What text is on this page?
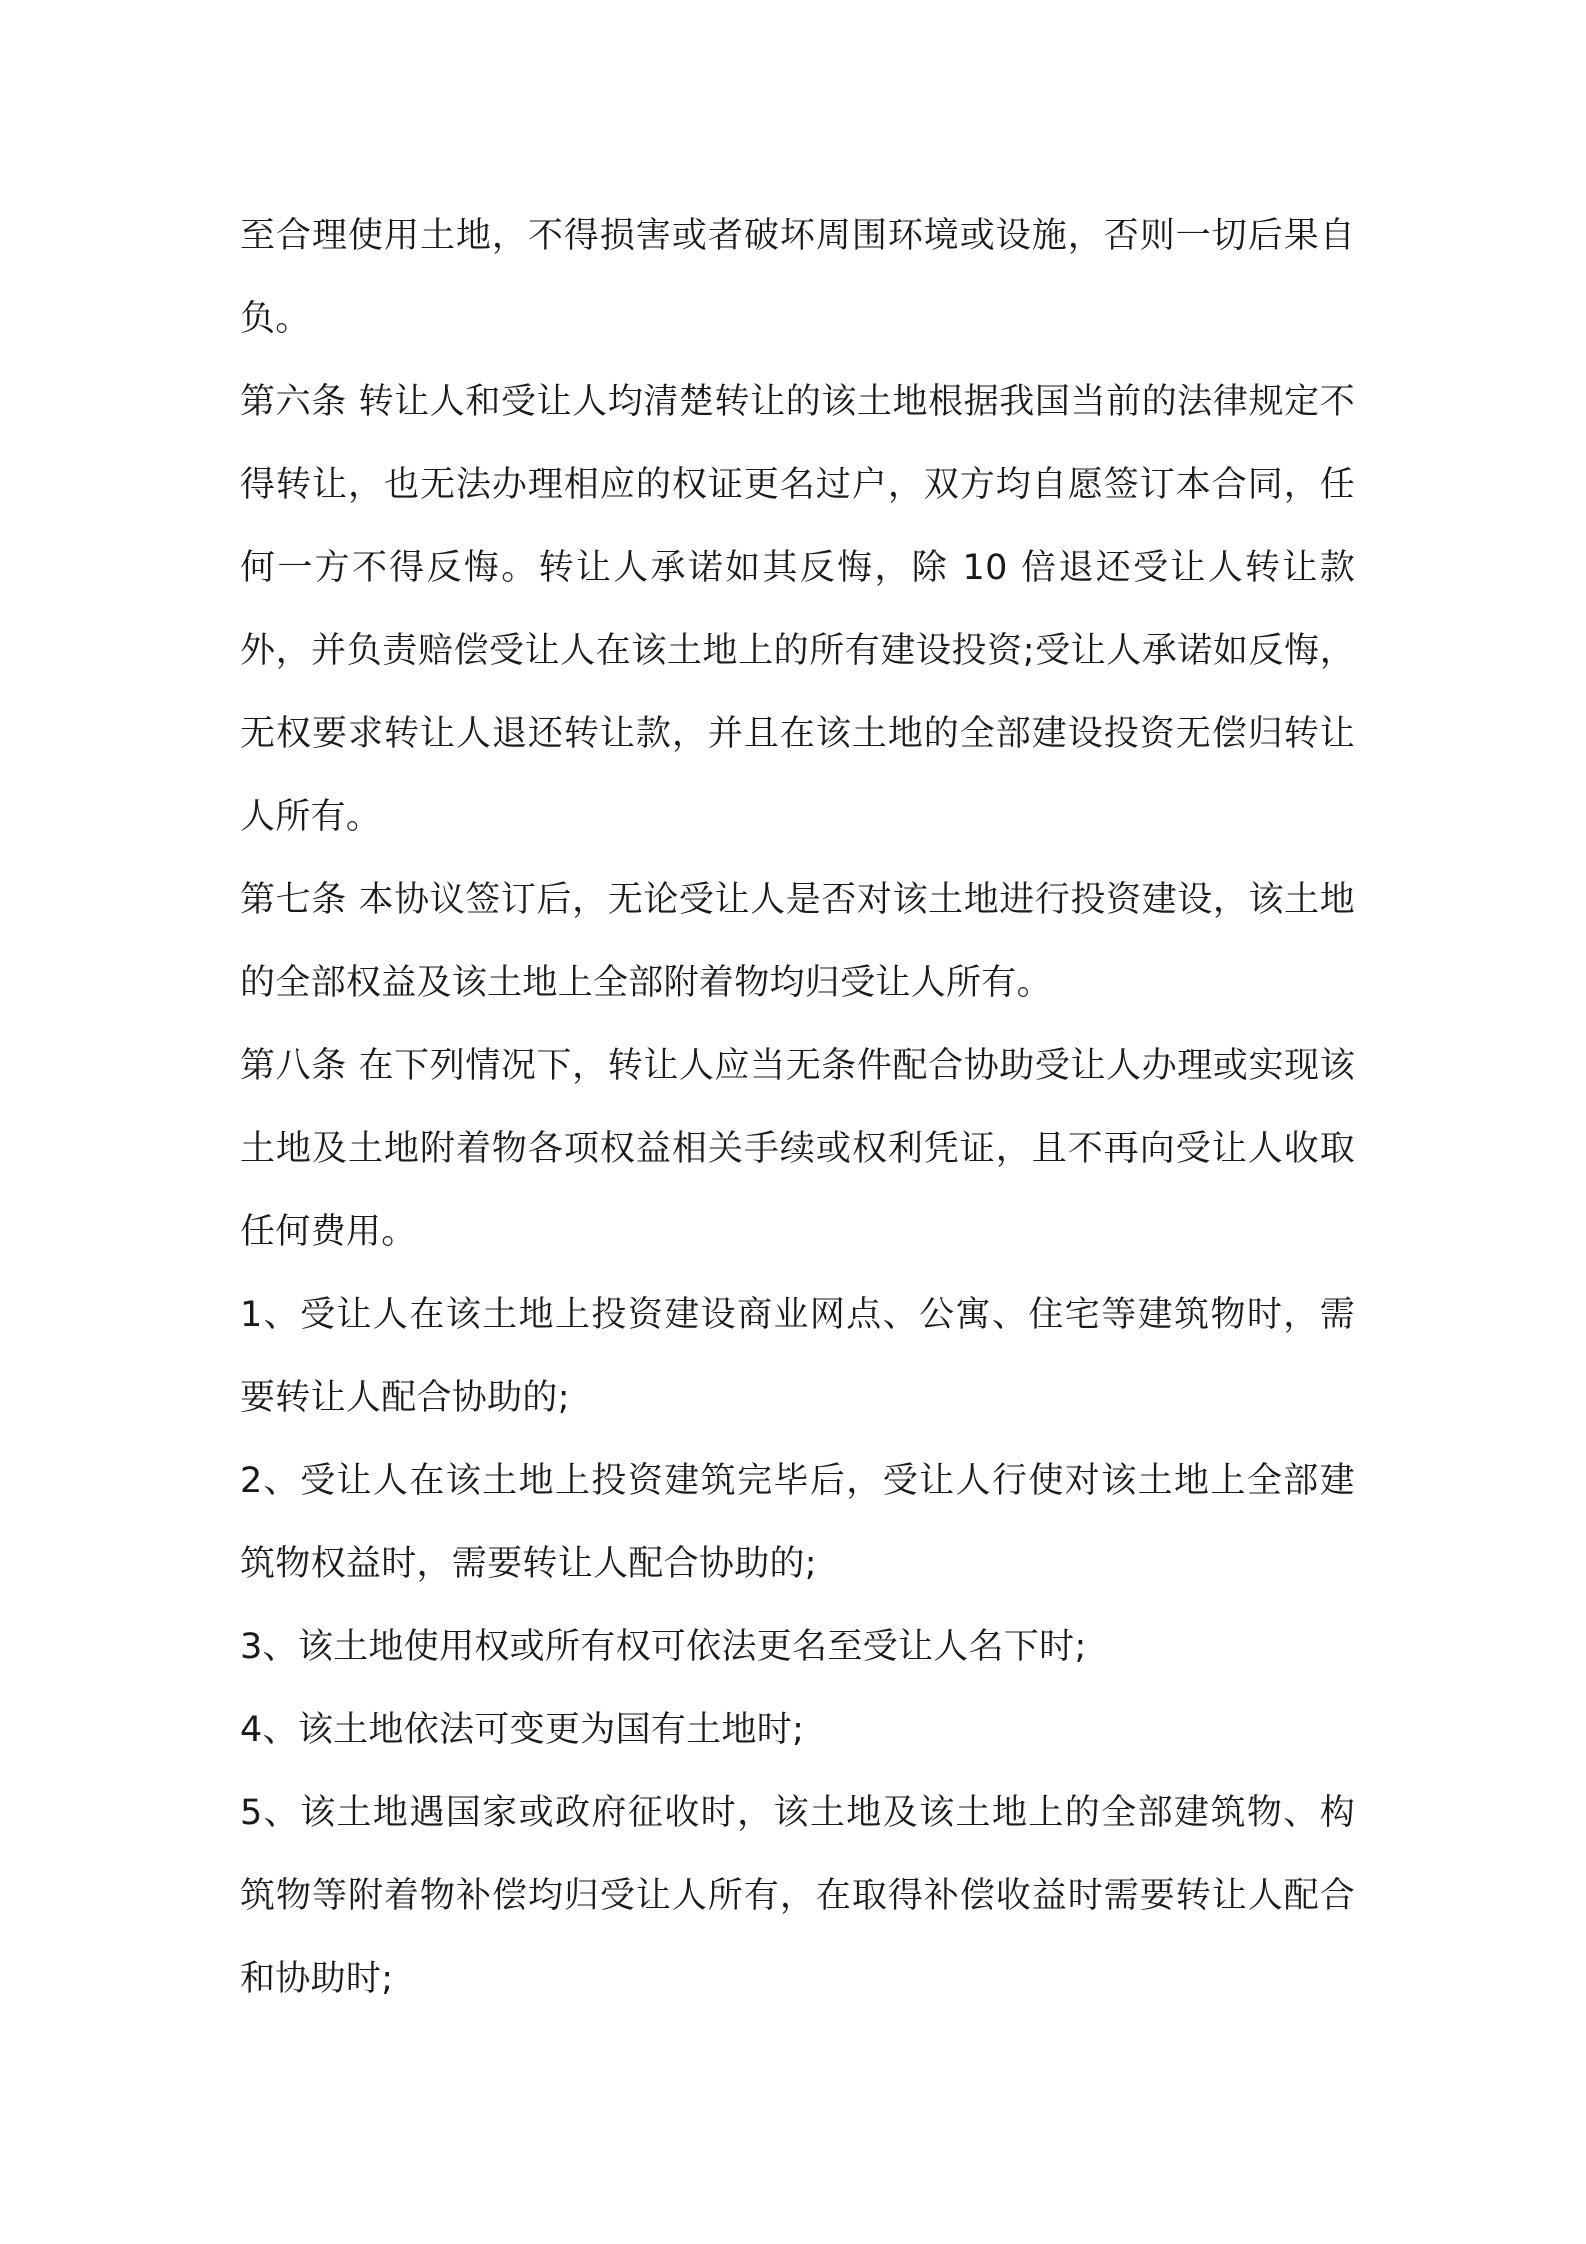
至合理使用土地，不得损害或者破坏周围环境或设施，否则一切后果自负。

第六条 转让人和受让人均清楚转让的该土地根据我国当前的法律规定不得转让，也无法办理相应的权证更名过户，双方均自愿签订本合同，任何一方不得反悔。转让人承诺如其反悔，除 10 倍退还受让人转让款外，并负责赔偿受让人在该土地上的所有建设投资;受让人承诺如反悔，无权要求转让人退还转让款，并且在该土地的全部建设投资无偿归转让人所有。

第七条 本协议签订后，无论受让人是否对该土地进行投资建设，该土地的全部权益及该土地上全部附着物均归受让人所有。

第八条 在下列情况下，转让人应当无条件配合协助受让人办理或实现该土地及土地附着物各项权益相关手续或权利凭证，且不再向受让人收取任何费用。

1、受让人在该土地上投资建设商业网点、公寓、住宅等建筑物时，需要转让人配合协助的;

2、受让人在该土地上投资建筑完毕后，受让人行使对该土地上全部建筑物权益时，需要转让人配合协助的;

3、该土地使用权或所有权可依法更名至受让人名下时;

4、该土地依法可变更为国有土地时;

5、该土地遇国家或政府征收时，该土地及该土地上的全部建筑物、构筑物等附着物补偿均归受让人所有，在取得补偿收益时需要转让人配合和协助时;
